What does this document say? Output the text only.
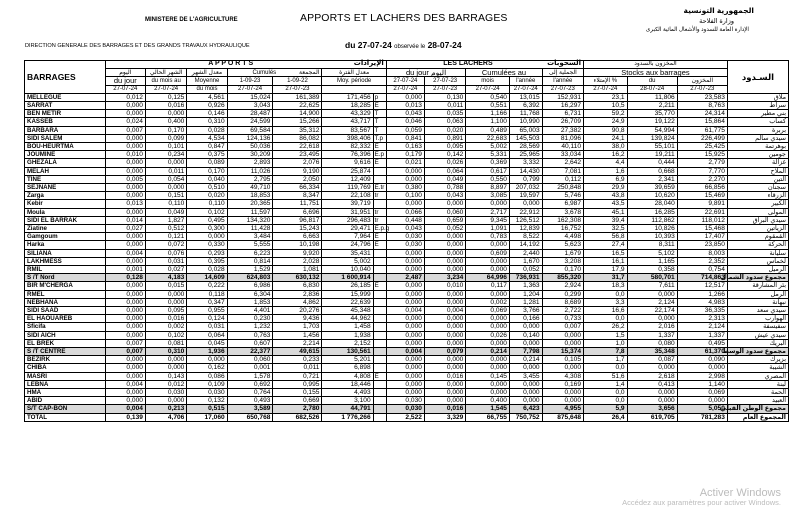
MINISTERE DE L'AGRICULTURE
DIRECTION GENERALE DES BARRAGES ET DES GRANDS TRAVAUX HYDRAULIQUE
APPORTS ET LACHERS DES BARRAGES
du 27-07-24 observée le 28-07-24
الجمهورية التونسية
وزارة الفلاحة
الإدارة العامة للسدود والأشغال المائية الكبرى
BARRAGES	A P P O R T S الإيرادات							LES LACHERS السحوبات					المخزون بالسدود			السـدود
	اليوم	الشهر الحالي	معدل الشهر	Cumulés المجمعة		معدل الفترة		du jour اليوم		Cumulées au		الجملية إلى	Stocks aux barrages			
	du jour	du mois au	Moyenne	1-09-23	1-09-22	Moy. période		27-07-24	27-07-23	mois	l'année	l'année	الإمتلاء %	du	المخزون	
	27-07-24	27-07-24	du mois	27-07-24	27-07-23			27-07-24	27-07-23	27-07-24	27-07-24	27-07-23	27-07-24	28-07-24	27-07-23	
MELLEGUE	0,012	0,125	4,561	15,024	161,389	171,456	p	0,000	0,130	0,540	13,015	152,931	23,1	11,806	23,583	ملاق
SARRAT	0,000	0,016	0,926	3,043	22,625	18,285	E	0,013	0,011	0,551	6,392	16,297	10,5	2,211	8,763	سراط
BEN METIR	0,000	0,000	0,146	28,487	14,900	43,329	T	0,043	0,035	1,166	11,768	6,731	59,2	35,770	24,314	بني مطير
KASSEB	0,024	0,400	0,310	24,599	15,266	43,717	T	0,046	0,063	1,100	10,990	26,709	24,9	19,122	15,864	كساب
BARBARA	0,007	0,170	0,028	69,584	35,312	83,567	T	0,059	0,020	0,489	65,003	27,382	90,8	54,994	61,775	بربرة
SIDI SALEM	0,000	0,099	4,534	124,136	86,082	398,406	T.p	0,841	0,891	22,683	145,503	81,096	24,1	139,824	226,499	سيدي سالم
BOU-HEURTMA	0,000	0,101	0,847	50,036	22,618	82,332	E	0,163	0,095	5,002	28,569	40,110	38,0	55,101	25,425	بوهرتمة
JOUMINE	0,010	0,234	0,375	30,209	23,495	76,396	E.p	0,179	0,142	5,331	25,965	33,034	16,2	19,211	15,925	جومين
GHEZALA	0,000	0,000	0,089	2,893	2,076	9,616	E	0,021	0,026	0,369	3,332	2,642	4,4	0,444	2,779	غزالة
MELAH	0,000	0,011	0,170	11,026	9,190	25,874		0,000	0,064	0,617	14,430	7,081	1,6	0,668	7,770	الملاح
TINE	0,005	0,054	0,040	2,795	2,050	12,409		0,000	0,049	0,550	0,799	0,112	6,9	2,341	2,270	التين
SEJNANE	0,000	0,000	0,510	49,710	66,334	119,769	E.tr	0,380	0,788	8,897	207,032	250,848	29,9	39,659	66,856	سجنان
Zarga	0,000	0,151	0,020	18,853	8,347	22,108	tr	0,100	0,043	3,085	19,597	5,746	43,8	10,620	15,469	الزرقاء
Kebir	0,013	0,110	0,110	20,365	11,751	39,719		0,000	0,000	0,000	0,000	6,987	43,5	28,040	9,891	الكبير
Moula	0,000	0,049	0,102	11,597	6,696	31,951	tr	0,066	0,060	2,717	22,912	3,678	45,1	16,285	22,691	المولى
SIDI EL BARRAK	0,014	1,827	0,495	134,320	96,817	296,483	tr	0,448	0,659	9,345	126,512	162,308	39,4	112,862	118,012	سيدي البراق
Ziatine	0,027	0,512	0,300	11,428	15,243	29,471	E.p.g	0,043	0,052	1,091	12,839	16,752	32,5	10,826	15,468	الزياتين
Gamgoum	0,000	0,121	0,000	3,484	6,663	7,964	E	0,030	0,000	0,783	8,522	4,498	56,8	10,393	17,407	القمقوم
Harka	0,000	0,072	0,330	5,555	10,198	24,796	E	0,030	0,000	0,000	14,192	5,623	27,4	8,311	23,850	الحركة
SILIANA	0,004	0,076	0,293	6,223	9,920	35,431		0,000	0,000	0,609	2,440	1,679	16,5	5,102	8,003	سليانة
LAKHMESS	0,000	0,031	0,395	0,814	2,028	5,002		0,000	0,000	0,000	1,670	3,208	16,1	1,165	2,352	لخماس
RMIL	0,001	0,027	0,028	1,529	1,081	10,040		0,000	0,000	0,000	0,052	0,170	17,9	0,358	0,754	الرميل
S /T Nord	0,128	4,183	14,609	624,803	630,132	1 600,914		2,487	3,234	64,996	736,931	855,320	31,7	580,701	714,863	مجموع سدود الشمال
BIR M'CHERGA	0,000	0,015	0,222	6,986	6,830	26,185	E	0,000	0,010	0,117	1,363	2,924	18,3	7,611	12,517	بئر المشارقة
RMEL	0,000	0,000	0,118	6,304	2,836	15,999		0,000	0,000	0,000	1,204	0,299	0,0	0,000	1,266	الرمل
NEBHANA	0,000	0,000	0,347	1,853	4,862	22,639		0,000	0,000	0,002	1,281	8,689	3,3	2,124	4,983	نبهانة
SIDI SAAD	0,000	0,095	0,955	4,401	20,276	45,348		0,004	0,004	0,069	3,766	2,722	16,6	22,174	36,335	سيدي سعد
EL HAOUAREB	0,000	0,016	0,124	0,230	9,436	44,962		0,000	0,000	0,000	0,166	0,733	0,0	0,000	2,313	الهوارب
Sficifa	0,000	0,002	0,031	1,232	1,703	1,458		0,000	0,000	0,000	0,000	0,007	26,2	2,016	2,124	سفيسفة
SIDI AICH	0,000	0,102	0,064	0,763	1,456	1,938		0,000	0,000	0,026	0,140	0,000	1,5	1,337	1,337	سيدي عيش
EL BREK	0,007	0,081	0,045	0,607	2,214	2,152		0,000	0,000	0,000	0,000	0,000	1,0	0,080	0,495	البريك
S /T CENTRE	0,007	0,310	1,936	22,377	49,615	130,561		0,004	0,079	0,214	7,798	15,374	7,8	35,348	61,370	مجموع سدود الوسط
BEZIRK	0,000	0,000	0,000	0,060	0,233	5,201		0,000	0,000	0,000	0,214	0,105	1,7	0,087	0,090	بزيرك
CHIBA	0,000	0,000	0,162	0,001	0,011	6,898		0,000	0,000	0,000	0,000	0,000	0,0	0,000	0,000	الشيبة
MASRI	0,000	0,143	0,086	1,578	0,721	4,808	E	0,000	0,016	0,145	3,455	4,308	51,6	2,618	2,998	المصري
LEBNA	0,004	0,012	0,109	0,692	0,995	18,446		0,000	0,000	0,000	0,000	0,169	1,4	0,413	1,140	لبنة
HMA	0,000	0,030	0,030	0,764	0,155	4,493		0,000	0,000	0,000	0,000	0,000	0,0	0,000	0,069	الحمة
ABID	0,000	0,000	0,132	0,493	0,669	3,100		0,030	0,000	0,400	0,000	0,000	0,0	0,000	0,000	العبيد
S/T CAP-BON	0,004	0,213	0,515	3,589	2,780	44,791		0,030	0,016	1,545	6,423	4,955	5,9	3,656	5,050	مجموع الوطن القبلي
TOTAL	0,139	4,706	17,060	650,768	682,526	1 776,266		2,522	3,329	66,755	750,752	875,648	26,4	619,705	781,283	المجموع العام
Activer Windows
Accédez aux paramètres pour activer Windows.
